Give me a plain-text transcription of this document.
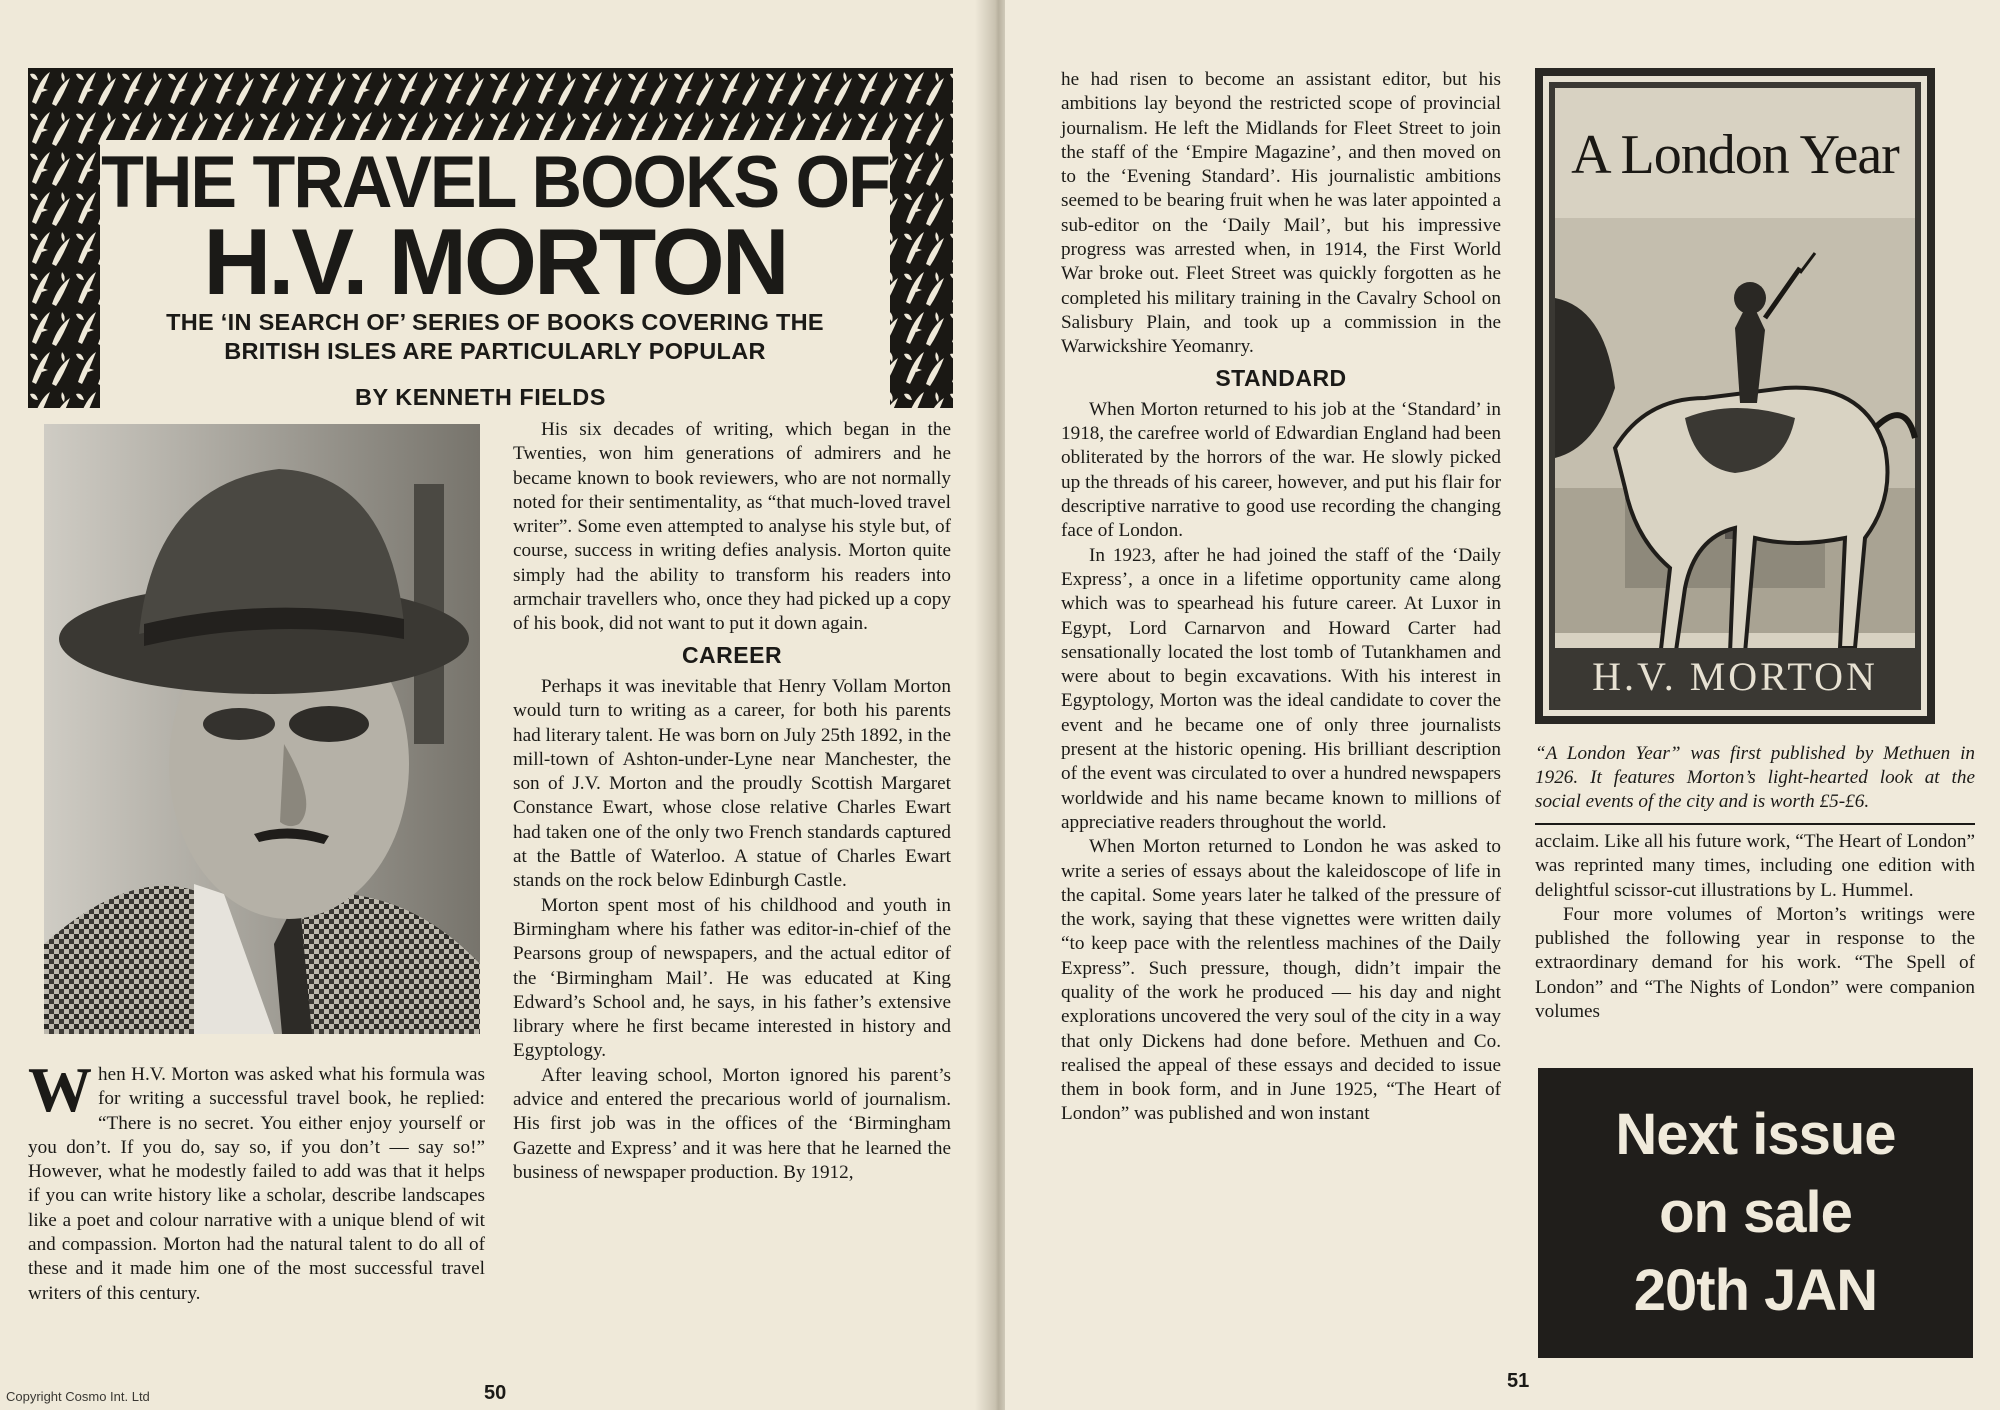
THE TRAVEL BOOKS OF
H.V. MORTON
THE ‘IN SEARCH OF’ SERIES OF BOOKS COVERING THE
BRITISH ISLES ARE PARTICULARLY POPULAR
BY KENNETH FIELDS

When H.V. Morton was asked what his formula was for writing a successful travel book, he replied: “There is no secret. You either enjoy yourself or you don’t. If you do, say so, if you don’t — say so!” However, what he modestly failed to add was that it helps if you can write history like a scholar, describe landscapes like a poet and colour narrative with a unique blend of wit and compassion. Morton had the natural talent to do all of these and it made him one of the most successful travel writers of this century.

His six decades of writing, which began in the Twenties, won him generations of admirers and he became known to book reviewers, who are not normally noted for their sentimentality, as “that much-loved travel writer”. Some even attempted to analyse his style but, of course, success in writing defies analysis. Morton quite simply had the ability to transform his readers into armchair travellers who, once they had picked up a copy of his book, did not want to put it down again.

CAREER

Perhaps it was inevitable that Henry Vollam Morton would turn to writing as a career, for both his parents had literary talent. He was born on July 25th 1892, in the mill-town of Ashton-under-Lyne near Manchester, the son of J.V. Morton and the proudly Scottish Margaret Constance Ewart, whose close relative Charles Ewart had taken one of the only two French standards captured at the Battle of Waterloo. A statue of Charles Ewart stands on the rock below Edinburgh Castle.

Morton spent most of his childhood and youth in Birmingham where his father was editor-in-chief of the Pearsons group of newspapers, and the actual editor of the ‘Birmingham Mail’. He was educated at King Edward’s School and, he says, in his father’s extensive library where he first became interested in history and Egyptology.

After leaving school, Morton ignored his parent’s advice and entered the precarious world of journalism. His first job was in the offices of the ‘Birmingham Gazette and Express’ and it was here that he learned the business of newspaper production. By 1912,

50
Copyright Cosmo Int. Ltd

he had risen to become an assistant editor, but his ambitions lay beyond the restricted scope of provincial journalism. He left the Midlands for Fleet Street to join the staff of the ‘Empire Magazine’, and then moved on to the ‘Evening Standard’. His journalistic ambitions seemed to be bearing fruit when he was later appointed a sub-editor on the ‘Daily Mail’, but his impressive progress was arrested when, in 1914, the First World War broke out. Fleet Street was quickly forgotten as he completed his military training in the Cavalry School on Salisbury Plain, and took up a commission in the Warwickshire Yeomanry.

STANDARD

When Morton returned to his job at the ‘Standard’ in 1918, the carefree world of Edwardian England had been obliterated by the horrors of the war. He slowly picked up the threads of his career, however, and put his flair for descriptive narrative to good use recording the changing face of London.

In 1923, after he had joined the staff of the ‘Daily Express’, a once in a lifetime opportunity came along which was to spearhead his future career. At Luxor in Egypt, Lord Carnarvon and Howard Carter had sensationally located the lost tomb of Tutankhamen and were about to begin excavations. With his interest in Egyptology, Morton was the ideal candidate to cover the event and he became one of only three journalists present at the historic opening. His brilliant description of the event was circulated to over a hundred newspapers worldwide and his name became known to millions of appreciative readers throughout the world.

When Morton returned to London he was asked to write a series of essays about the kaleidoscope of life in the capital. Some years later he talked of the pressure of the work, saying that these vignettes were written daily “to keep pace with the relentless machines of the Daily Express”. Such pressure, though, didn’t impair the quality of the work he produced — his day and night explorations uncovered the very soul of the city in a way that only Dickens had done before. Methuen and Co. realised the appeal of these essays and decided to issue them in book form, and in June 1925, “The Heart of London” was published and won instant

51
A London Year
H.V. MORTON
“A London Year” was first published by Methuen in 1926. It features Morton’s light-hearted look at the social events of the city and is worth £5-£6.

acclaim. Like all his future work, “The Heart of London” was reprinted many times, including one edition with delightful scissor-cut illustrations by L. Hummel.

Four more volumes of Morton’s writings were published the following year in response to the extraordinary demand for his work. “The Spell of London” and “The Nights of London” were companion volumes

Next issue
on sale
20th JAN
